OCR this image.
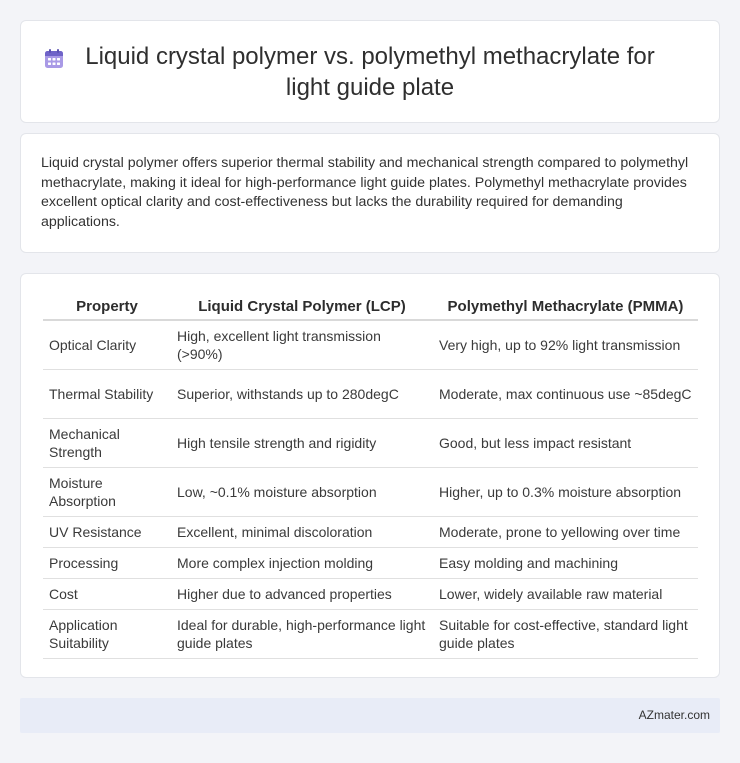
Liquid crystal polymer vs. polymethyl methacrylate for light guide plate

Liquid crystal polymer offers superior thermal stability and mechanical strength compared to polymethyl methacrylate, making it ideal for high-performance light guide plates. Polymethyl methacrylate provides excellent optical clarity and cost-effectiveness but lacks the durability required for demanding applications.

Property	Liquid Crystal Polymer (LCP)	Polymethyl Methacrylate (PMMA)
Optical Clarity	High, excellent light transmission (>90%)	Very high, up to 92% light transmission
Thermal Stability	Superior, withstands up to 280degC	Moderate, max continuous use ~85degC
Mechanical Strength	High tensile strength and rigidity	Good, but less impact resistant
Moisture Absorption	Low, ~0.1% moisture absorption	Higher, up to 0.3% moisture absorption
UV Resistance	Excellent, minimal discoloration	Moderate, prone to yellowing over time
Processing	More complex injection molding	Easy molding and machining
Cost	Higher due to advanced properties	Lower, widely available raw material
Application Suitability	Ideal for durable, high-performance light guide plates	Suitable for cost-effective, standard light guide plates
AZmater.com
